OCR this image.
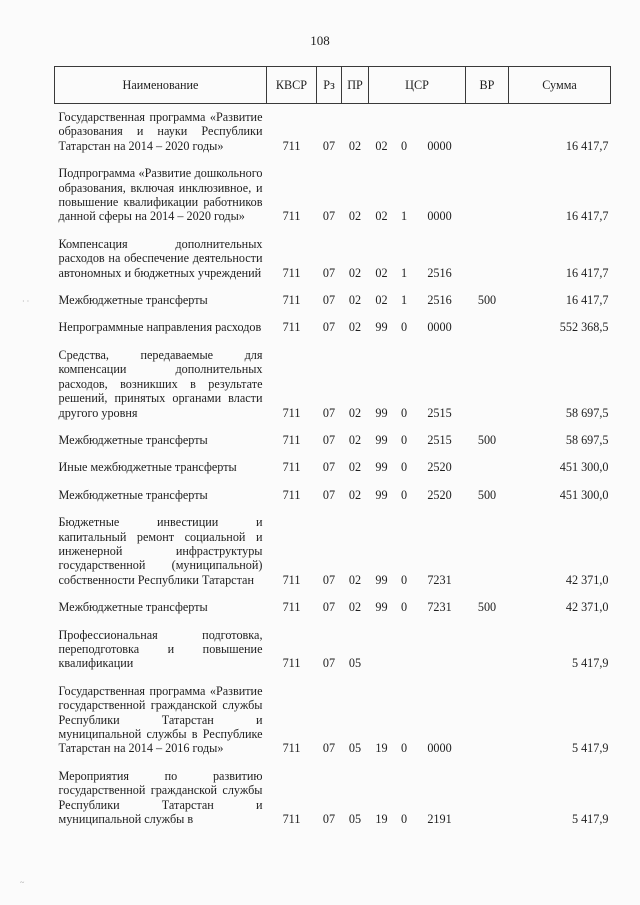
108
Наименование	КВСР	Рз	ПР	ЦСР			ВР	Сумма
Государственная программа «Развитие образования и науки Республики Татарстан на 2014 – 2020 годы»	711	07	02	02	0	0000		16 417,7
Подпрограмма «Развитие дошкольного образования, включая инклюзивное, и повышение квалификации работников данной сферы на 2014 – 2020 годы»	711	07	02	02	1	0000		16 417,7
Компенсация дополнительных расходов на обеспечение деятельности автономных и бюджетных учреждений	711	07	02	02	1	2516		16 417,7
Межбюджетные трансферты	711	07	02	02	1	2516	500	16 417,7
Непрограммные направления расходов	711	07	02	99	0	0000		552 368,5
Средства, передаваемые для компенсации дополнительных расходов, возникших в результате решений, принятых органами власти другого уровня	711	07	02	99	0	2515		58 697,5
Межбюджетные трансферты	711	07	02	99	0	2515	500	58 697,5
Иные межбюджетные трансферты	711	07	02	99	0	2520		451 300,0
Межбюджетные трансферты	711	07	02	99	0	2520	500	451 300,0
Бюджетные инвестиции и капитальный ремонт социальной и инженерной инфраструктуры государственной (муниципальной) собственности Республики Татарстан	711	07	02	99	0	7231		42 371,0
Межбюджетные трансферты	711	07	02	99	0	7231	500	42 371,0
Профессиональная подготовка, переподготовка и повышение квалификации	711	07	05					5 417,9
Государственная программа «Развитие государственной гражданской службы Республики Татарстан и муниципальной службы в Республике Татарстан на 2014 – 2016 годы»	711	07	05	19	0	0000		5 417,9
Мероприятия по развитию государственной гражданской службы Республики Татарстан и муниципальной службы в	711	07	05	19	0	2191		5 417,9
· ·
~
